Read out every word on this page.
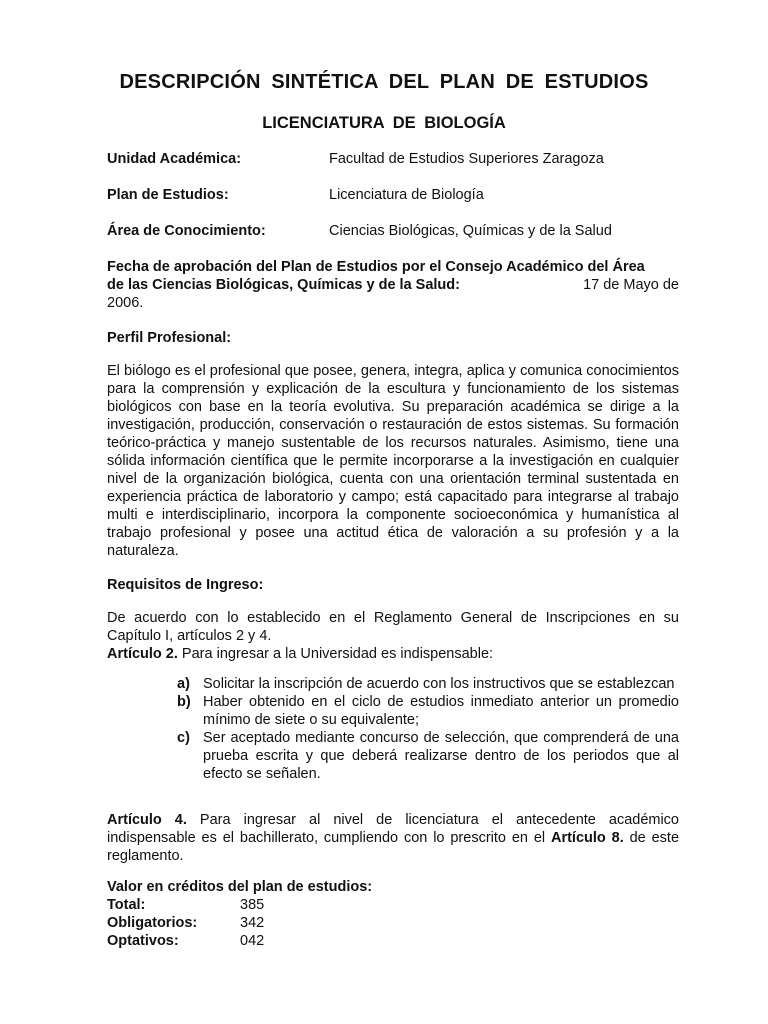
DESCRIPCIÓN SINTÉTICA DEL PLAN DE ESTUDIOS
LICENCIATURA DE BIOLOGÍA
Unidad Académica:	Facultad de Estudios Superiores Zaragoza
Plan de Estudios:	Licenciatura de Biología
Área de Conocimiento:	Ciencias Biológicas, Químicas y de la Salud
Fecha de aprobación del Plan de Estudios por el Consejo Académico del Área
de las Ciencias Biológicas, Químicas y de la Salud:	17 de Mayo de
2006.
Perfil Profesional:
El biólogo es el profesional que posee, genera, integra, aplica y comunica conocimientos para la comprensión y explicación de la escultura y funcionamiento de los sistemas biológicos con base en la teoría evolutiva. Su preparación académica se dirige a la investigación, producción, conservación o restauración de estos sistemas. Su formación teórico-práctica y manejo sustentable de los recursos naturales. Asimismo, tiene una sólida información científica que le permite incorporarse a la investigación en cualquier nivel de la organización biológica, cuenta con una orientación terminal sustentada en experiencia práctica de laboratorio y campo; está capacitado para integrarse al trabajo multi e interdisciplinario, incorpora la componente socioeconómica y humanística al trabajo profesional y posee una actitud ética de valoración a su profesión y a la naturaleza.
Requisitos de Ingreso:
De acuerdo con lo establecido en el Reglamento General de Inscripciones en su Capítulo I, artículos 2 y 4.
Artículo 2. Para ingresar a la Universidad es indispensable:
a) Solicitar la inscripción de acuerdo con los instructivos que se establezcan
b) Haber obtenido en el ciclo de estudios inmediato anterior un promedio mínimo de siete o su equivalente;
c) Ser aceptado mediante concurso de selección, que comprenderá de una prueba escrita y que deberá realizarse dentro de los periodos que al efecto se señalen.
Artículo 4. Para ingresar al nivel de licenciatura el antecedente académico indispensable es el bachillerato, cumpliendo con lo prescrito en el Artículo 8. de este reglamento.
Valor en créditos del plan de estudios:
Total:	385
Obligatorios:	342
Optativos:	042
